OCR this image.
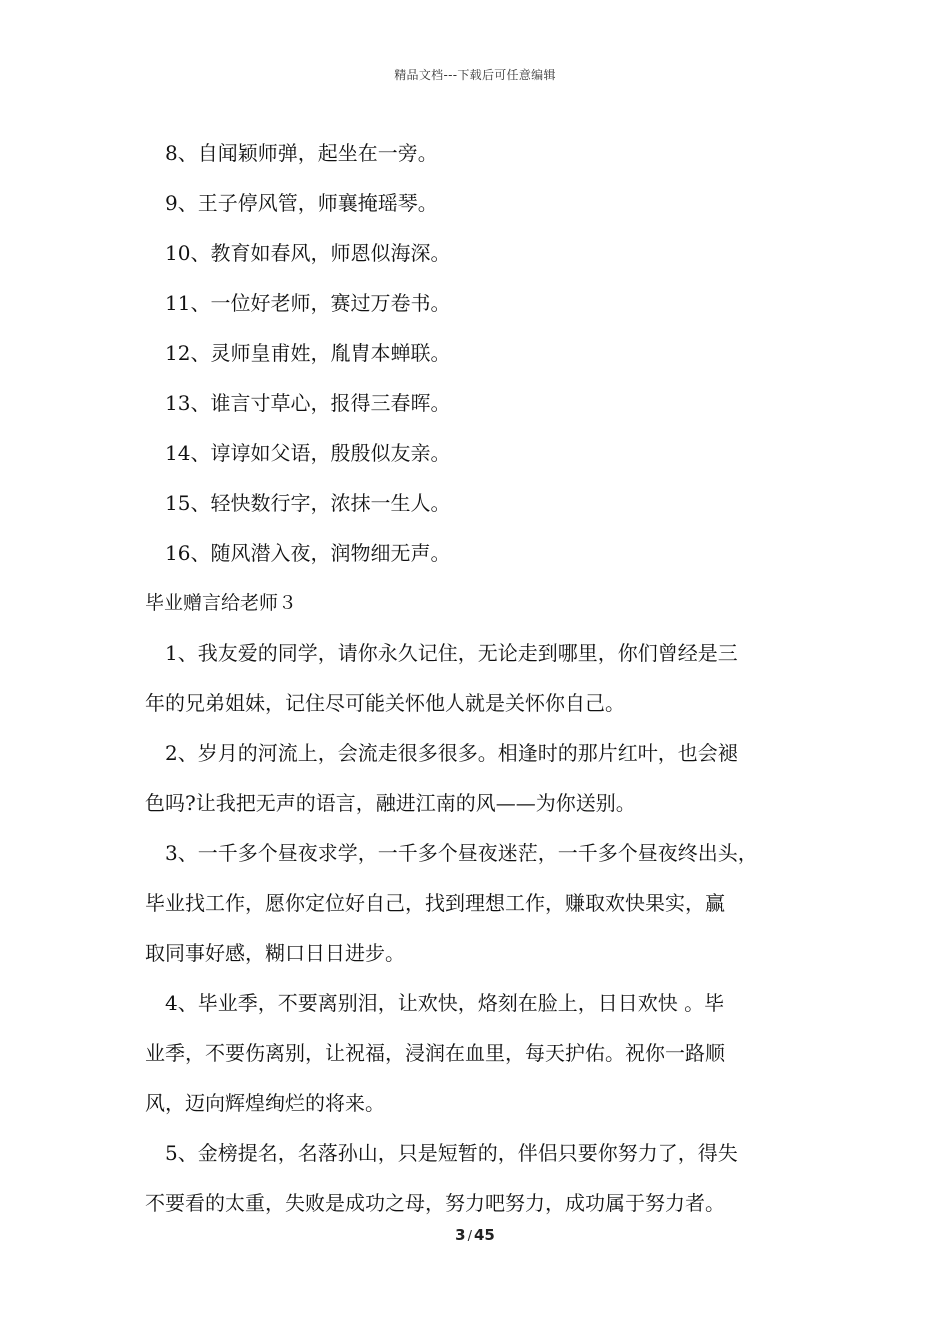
精品文档---下载后可任意编辑
8、自闻颖师弹，起坐在一旁。
9、王子停风管，师襄掩瑶琴。
10、教育如春风，师恩似海深。
11、一位好老师，赛过万卷书。
12、灵师皇甫姓，胤胄本蝉联。
13、谁言寸草心，报得三春晖。
14、谆谆如父语，殷殷似友亲。
15、轻快数行字，浓抹一生人。
16、随风潜入夜，润物细无声。
毕业赠言给老师３
1、我友爱的同学，请你永久记住，无论走到哪里，你们曾经是三
年的兄弟姐妹，记住尽可能关怀他人就是关怀你自己。
2、岁月的河流上，会流走很多很多。相逢时的那片红叶，也会褪
色吗?让我把无声的语言，融进江南的风——为你送别。
3、一千多个昼夜求学，一千多个昼夜迷茫，一千多个昼夜终出头，
毕业找工作，愿你定位好自己，找到理想工作，赚取欢快果实，赢
取同事好感，糊口日日进步。
4、毕业季，不要离别泪，让欢快，烙刻在脸上，日日欢快 。毕
业季，不要伤离别，让祝福，浸润在血里，每天护佑。祝你一路顺
风，迈向辉煌绚烂的将来。
5、金榜提名，名落孙山，只是短暂的，伴侣只要你努力了，得失
不要看的太重，失败是成功之母，努力吧努力，成功属于努力者。
3 / 45
